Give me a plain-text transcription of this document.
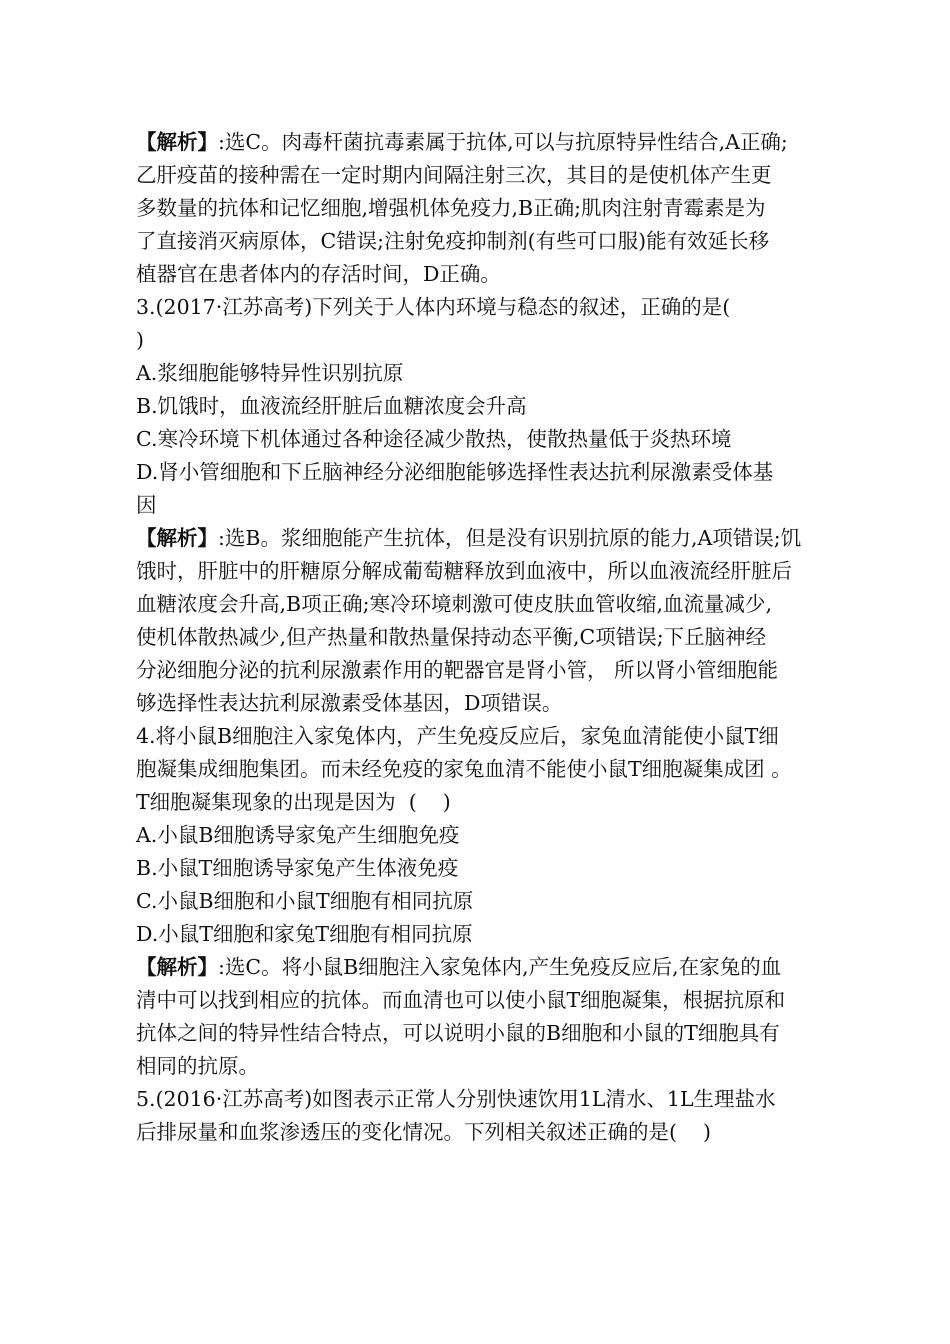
【解析】:选C。肉毒杆菌抗毒素属于抗体,可以与抗原特异性结合,A正确;
乙肝疫苗的接种需在一定时期内间隔注射三次，其目的是使机体产生更
多数量的抗体和记忆细胞,增强机体免疫力,B正确;肌肉注射青霉素是为
了直接消灭病原体，C错误;注射免疫抑制剂(有些可口服)能有效延长移
植器官在患者体内的存活时间，D正确。
3.(2017·江苏高考)下列关于人体内环境与稳态的叙述，正确的是(
)
A.浆细胞能够特异性识别抗原
B.饥饿时，血液流经肝脏后血糖浓度会升高
C.寒冷环境下机体通过各种途径减少散热，使散热量低于炎热环境
D.肾小管细胞和下丘脑神经分泌细胞能够选择性表达抗利尿激素受体基
因
【解析】:选B。浆细胞能产生抗体，但是没有识别抗原的能力,A项错误;饥
饿时，肝脏中的肝糖原分解成葡萄糖释放到血液中，所以血液流经肝脏后
血糖浓度会升高,B项正确;寒冷环境刺激可使皮肤血管收缩,血流量减少,
使机体散热减少,但产热量和散热量保持动态平衡,C项错误;下丘脑神经
分泌细胞分泌的抗利尿激素作用的靶器官是肾小管， 所以肾小管细胞能
够选择性表达抗利尿激素受体基因，D项错误。
4.将小鼠B细胞注入家兔体内，产生免疫反应后，家兔血清能使小鼠T细
胞凝集成细胞集团。而未经免疫的家兔血清不能使小鼠T细胞凝集成团 。
T细胞凝集现象的出现是因为  (    )
A.小鼠B细胞诱导家兔产生细胞免疫
B.小鼠T细胞诱导家兔产生体液免疫
C.小鼠B细胞和小鼠T细胞有相同抗原
D.小鼠T细胞和家兔T细胞有相同抗原
【解析】:选C。将小鼠B细胞注入家兔体内,产生免疫反应后,在家兔的血
清中可以找到相应的抗体。而血清也可以使小鼠T细胞凝集，根据抗原和
抗体之间的特异性结合特点，可以说明小鼠的B细胞和小鼠的T细胞具有
相同的抗原。
5.(2016·江苏高考)如图表示正常人分别快速饮用1L清水、1L生理盐水
后排尿量和血浆渗透压的变化情况。下列相关叙述正确的是(    )
